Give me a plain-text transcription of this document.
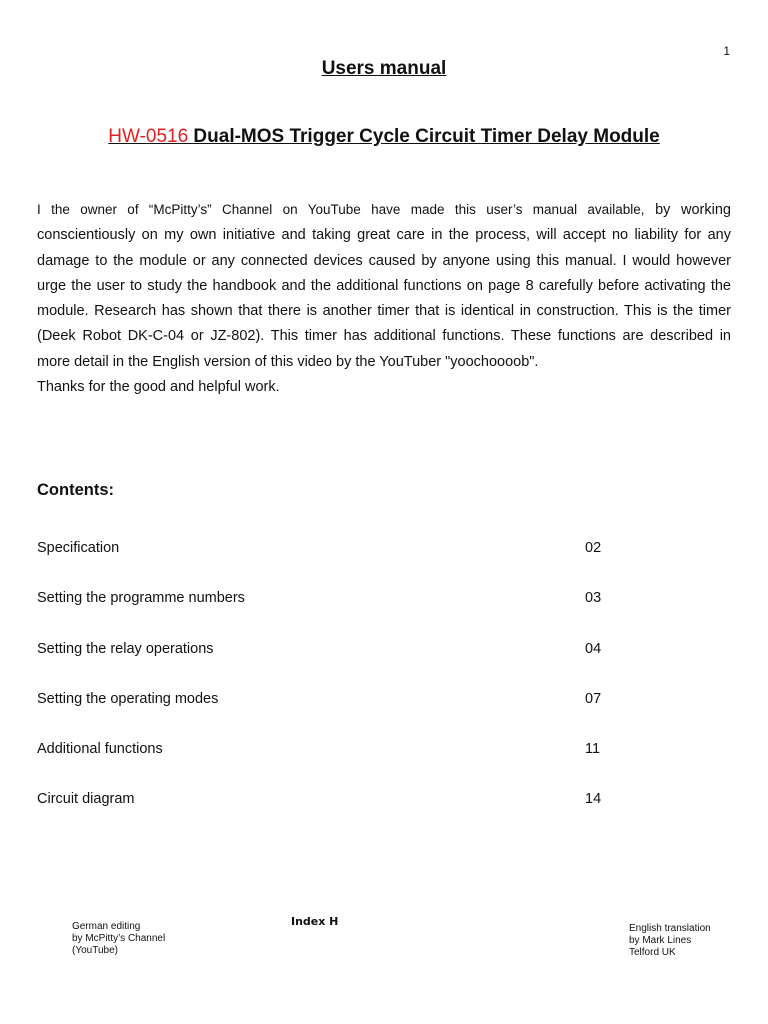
1
Users manual
HW-0516 Dual-MOS Trigger Cycle Circuit Timer Delay Module

I the owner of “McPitty’s” Channel on YouTube have made this user’s manual available, by working conscientiously on my own initiative and taking great care in the process, will accept no liability for any damage to the module or any connected devices caused by anyone using this manual. I would however urge the user to study the handbook and the additional functions on page 8 carefully before activating the module. Research has shown that there is another timer that is identical in construction. This is the timer (Deek Robot DK-C-04 or JZ-802). This timer has additional functions. These functions are described in more detail in the English version of this video by the YouTuber "yoochoooob".

Thanks for the good and helpful work.

Contents:
Specification	02
Setting the programme numbers	03
Setting the relay operations	04
Setting the operating modes	07
Additional functions	11
Circuit diagram	14
German editing
by McPitty’s Channel
(YouTube)
Index H
English translation
by Mark Lines
Telford UK
